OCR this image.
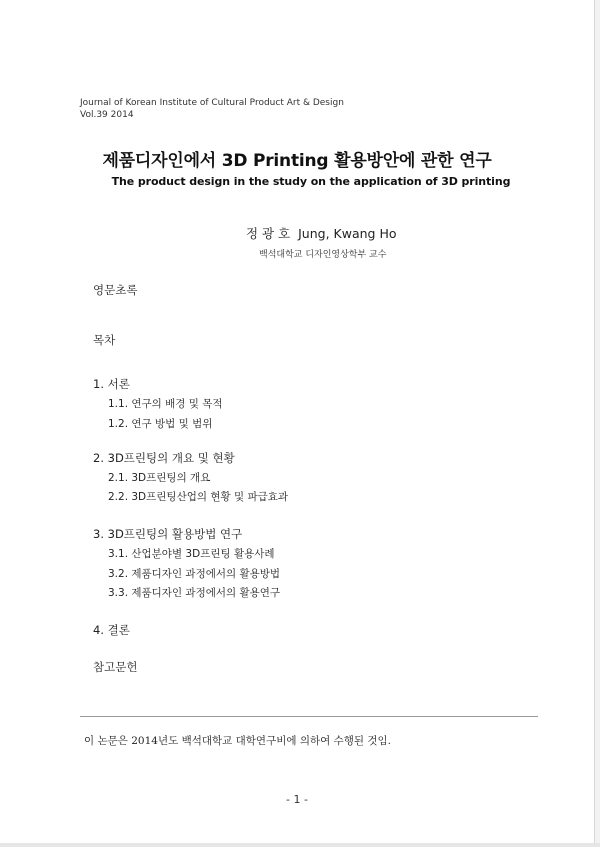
Journal of Korean Institute of Cultural Product Art & Design
Vol.39 2014
제품디자인에서 3D Printing 활용방안에 관한 연구
The product design in the study on the application of 3D printing
정 광 호  Jung, Kwang Ho
백석대학교 디자인영상학부 교수
영문초록
목차
1. 서론
1.1. 연구의 배경 및 목적
1.2. 연구 방법 및 범위
2. 3D프린팅의 개요 및 현황
2.1. 3D프린팅의 개요
2.2. 3D프린팅산업의 현황 및 파급효과
3. 3D프린팅의 활용방법 연구
3.1. 산업분야별 3D프린팅 활용사례
3.2. 제품디자인 과정에서의 활용방법
3.3. 제품디자인 과정에서의 활용연구
4. 결론
참고문헌
이 논문은 2014년도 백석대학교 대학연구비에 의하여 수행된 것임.
- 1 -
